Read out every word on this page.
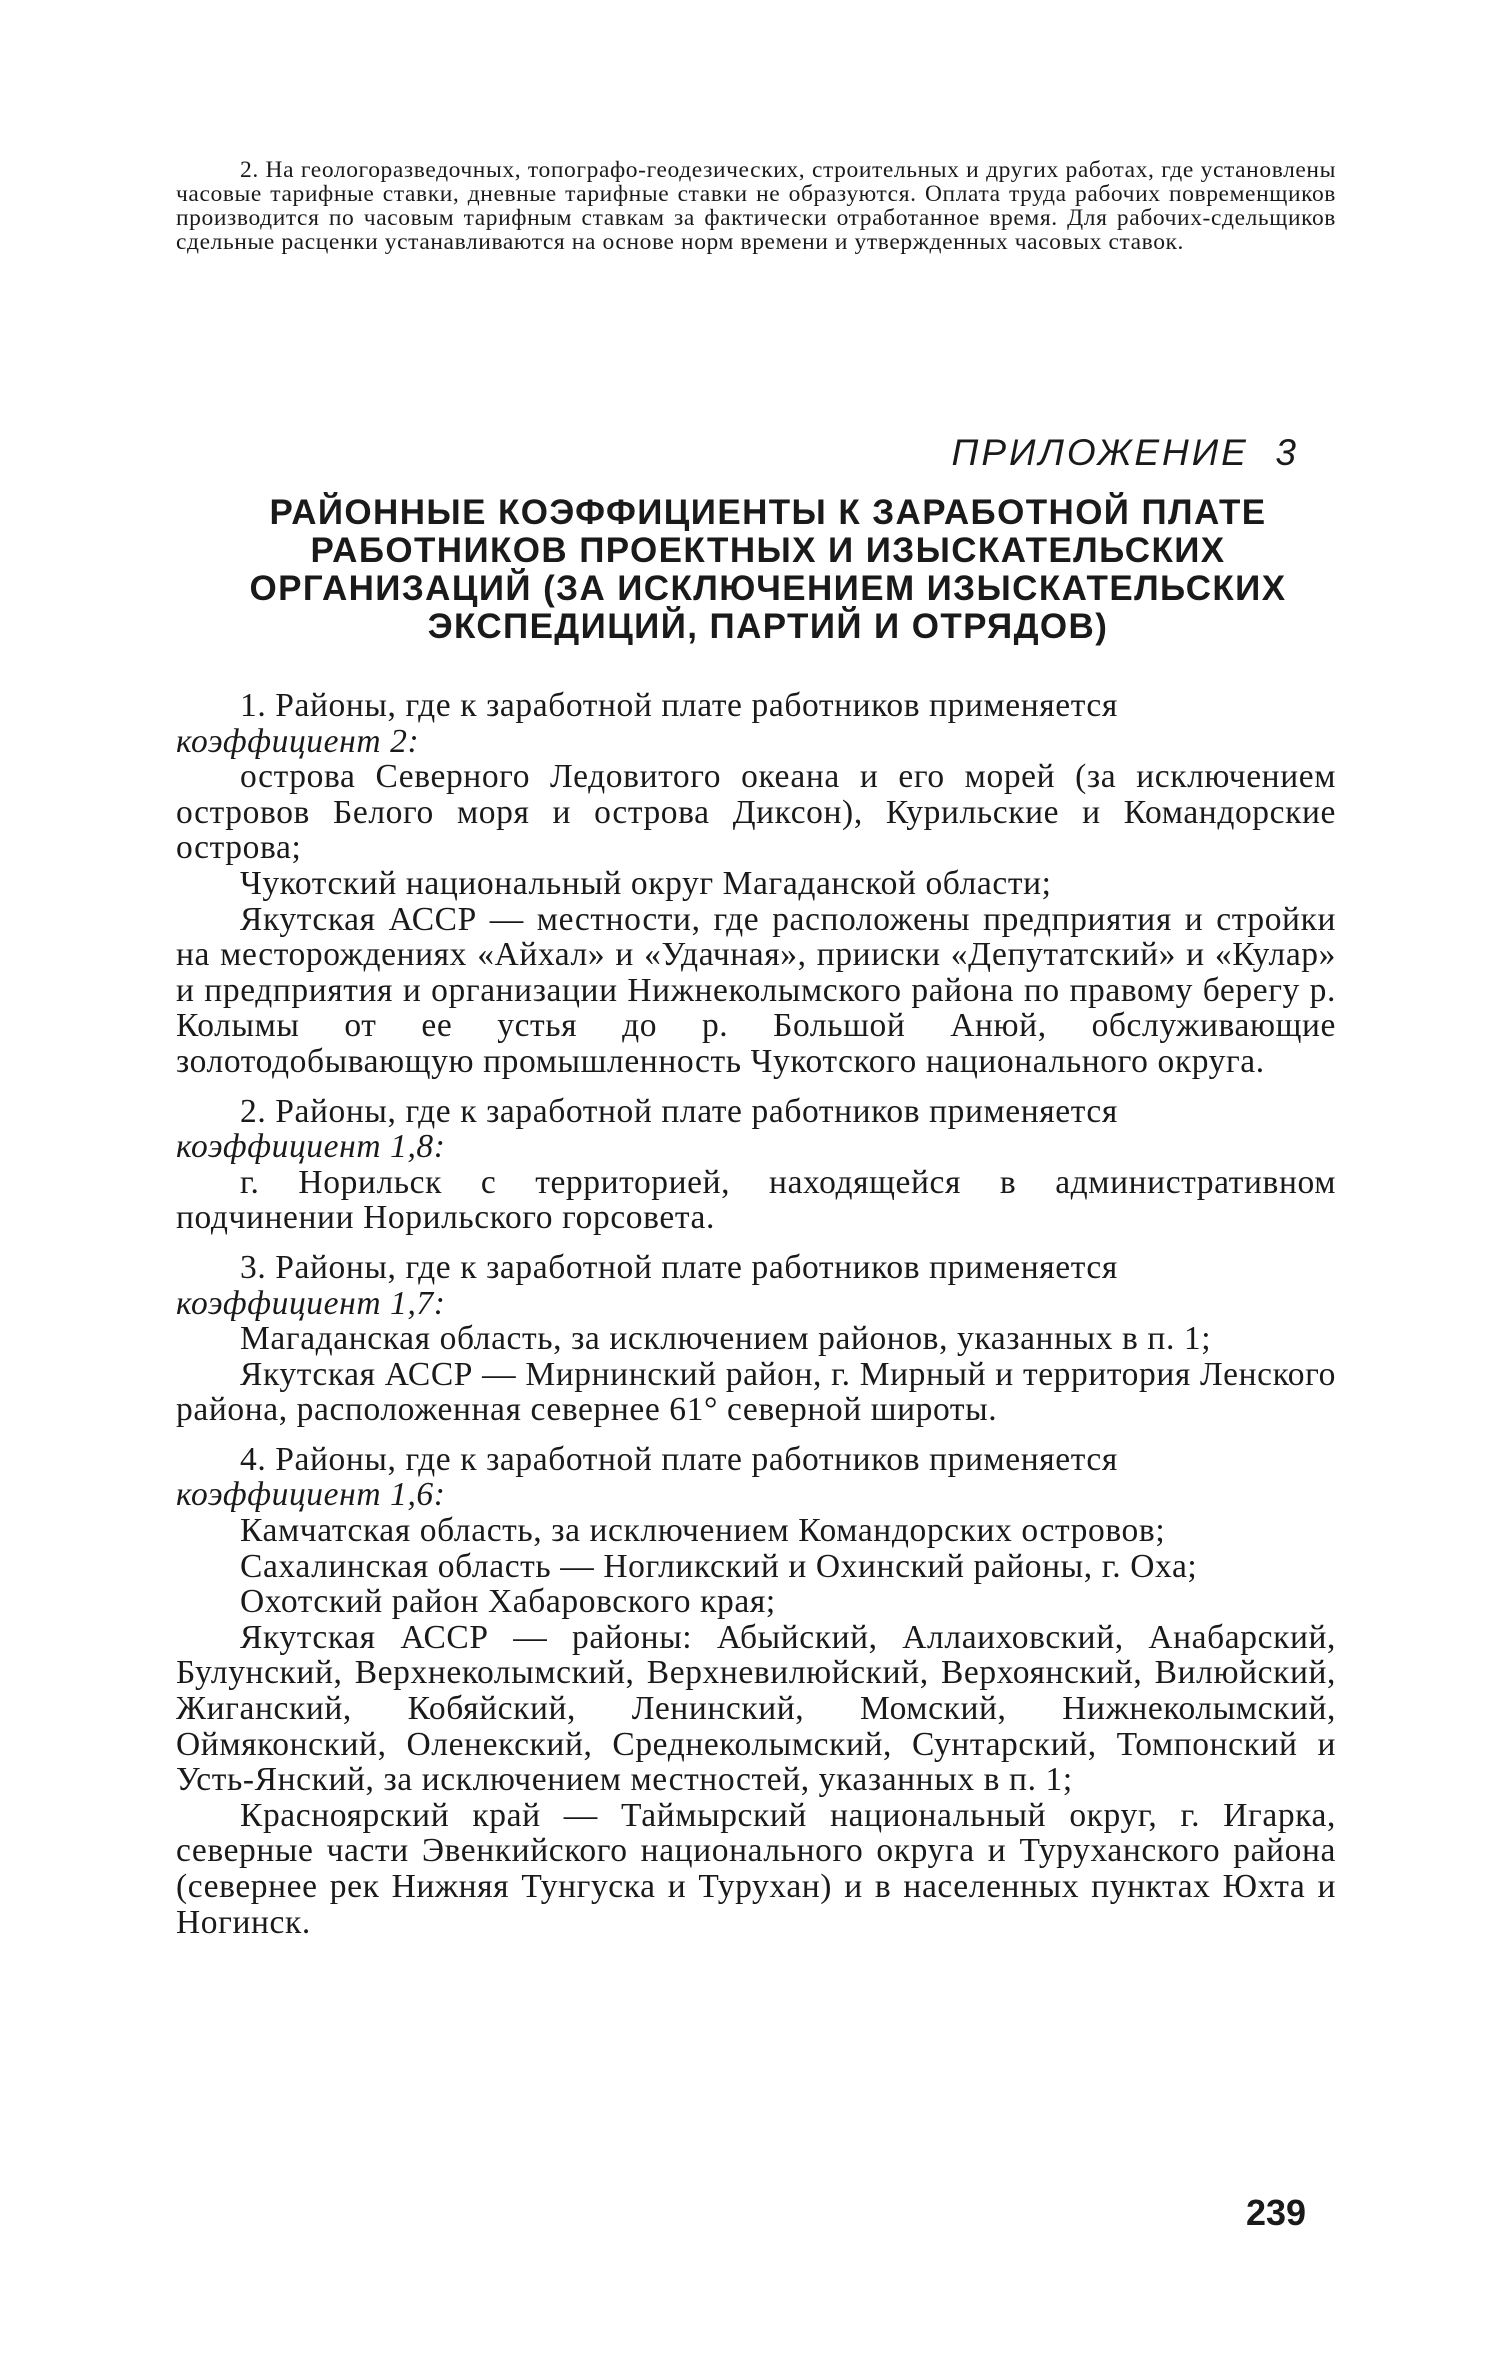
2. На геологоразведочных, топографо-геодезических, строительных и других работах, где установлены часовые тарифные ставки, дневные тарифные ставки не образуются. Оплата труда рабочих повременщиков производится по часовым тарифным ставкам за фактически отработанное время. Для рабочих-сдельщиков сдельные расценки устанавливаются на основе норм времени и утвержденных часовых ставок.
ПРИЛОЖЕНИЕ  3
РАЙОННЫЕ КОЭФФИЦИЕНТЫ К ЗАРАБОТНОЙ ПЛАТЕ
РАБОТНИКОВ ПРОЕКТНЫХ И ИЗЫСКАТЕЛЬСКИХ
ОРГАНИЗАЦИЙ (ЗА ИСКЛЮЧЕНИЕМ ИЗЫСКАТЕЛЬСКИХ
ЭКСПЕДИЦИЙ, ПАРТИЙ И ОТРЯДОВ)

1. Районы, где к заработной плате работников применяется

коэффициент 2:

острова Северного Ледовитого океана и его морей (за исключением островов Белого моря и острова Диксон), Курильские и Командорские острова;

Чукотский национальный округ Магаданской области;

Якутская АССР — местности, где расположены предприятия и стройки на месторождениях «Айхал» и «Удачная», прииски «Депутатский» и «Кулар» и предприятия и организации Нижнеколымского района по правому берегу р. Колымы от ее устья до р. Большой Анюй, обслуживающие золотодобывающую промышленность Чукотского национального округа.

2. Районы, где к заработной плате работников применяется

коэффициент 1,8:

г. Норильск с территорией, находящейся в административном подчинении Норильского горсовета.

3. Районы, где к заработной плате работников применяется

коэффициент 1,7:

Магаданская область, за исключением районов, указанных в п. 1;

Якутская АССР — Мирнинский район, г. Мирный и территория Ленского района, расположенная севернее 61° северной широты.

4. Районы, где к заработной плате работников применяется

коэффициент 1,6:

Камчатская область, за исключением Командорских островов;

Сахалинская область — Ногликский и Охинский районы, г. Оха;

Охотский район Хабаровского края;

Якутская АССР — районы: Абыйский, Аллаиховский, Анабарский, Булунский, Верхнеколымский, Верхневилюйский, Верхоянский, Вилюйский, Жиганский, Кобяйский, Ленинский, Момский, Нижнеколымский, Оймяконский, Оленекский, Среднеколымский, Сунтарский, Томпонский и Усть-Янский, за исключением местностей, указанных в п. 1;

Красноярский край — Таймырский национальный округ, г. Игарка, северные части Эвенкийского национального округа и Туруханского района (севернее рек Нижняя Тунгуска и Турухан) и в населенных пунктах Юхта и Ногинск.

239
